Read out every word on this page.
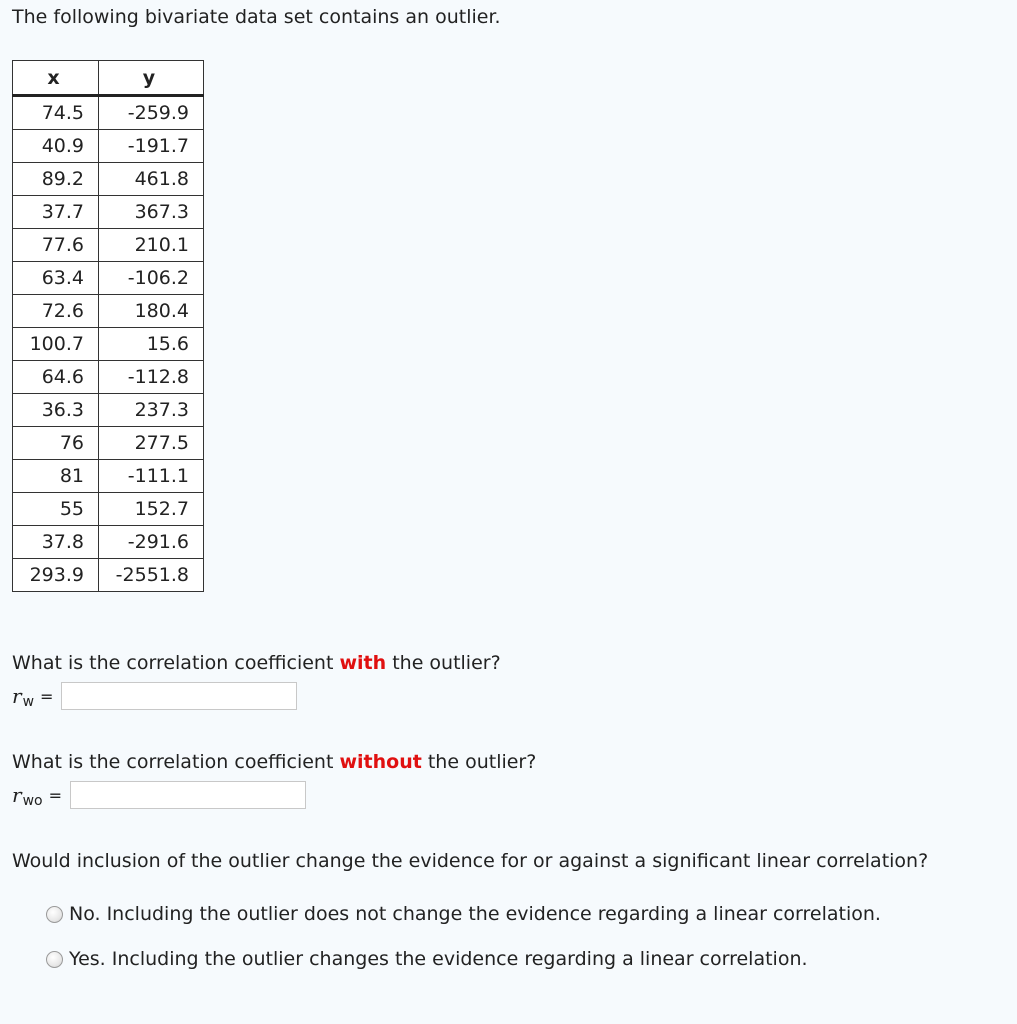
The following bivariate data set contains an outlier.
x	y
74.5	-259.9
40.9	-191.7
89.2	461.8
37.7	367.3
77.6	210.1
63.4	-106.2
72.6	180.4
100.7	15.6
64.6	-112.8
36.3	237.3
76	277.5
81	-111.1
55	152.7
37.8	-291.6
293.9	-2551.8
What is the correlation coefficient with the outlier?
r w =
What is the correlation coefficient without the outlier?
r wo =
Would inclusion of the outlier change the evidence for or against a significant linear correlation?
No. Including the outlier does not change the evidence regarding a linear correlation.
Yes. Including the outlier changes the evidence regarding a linear correlation.
